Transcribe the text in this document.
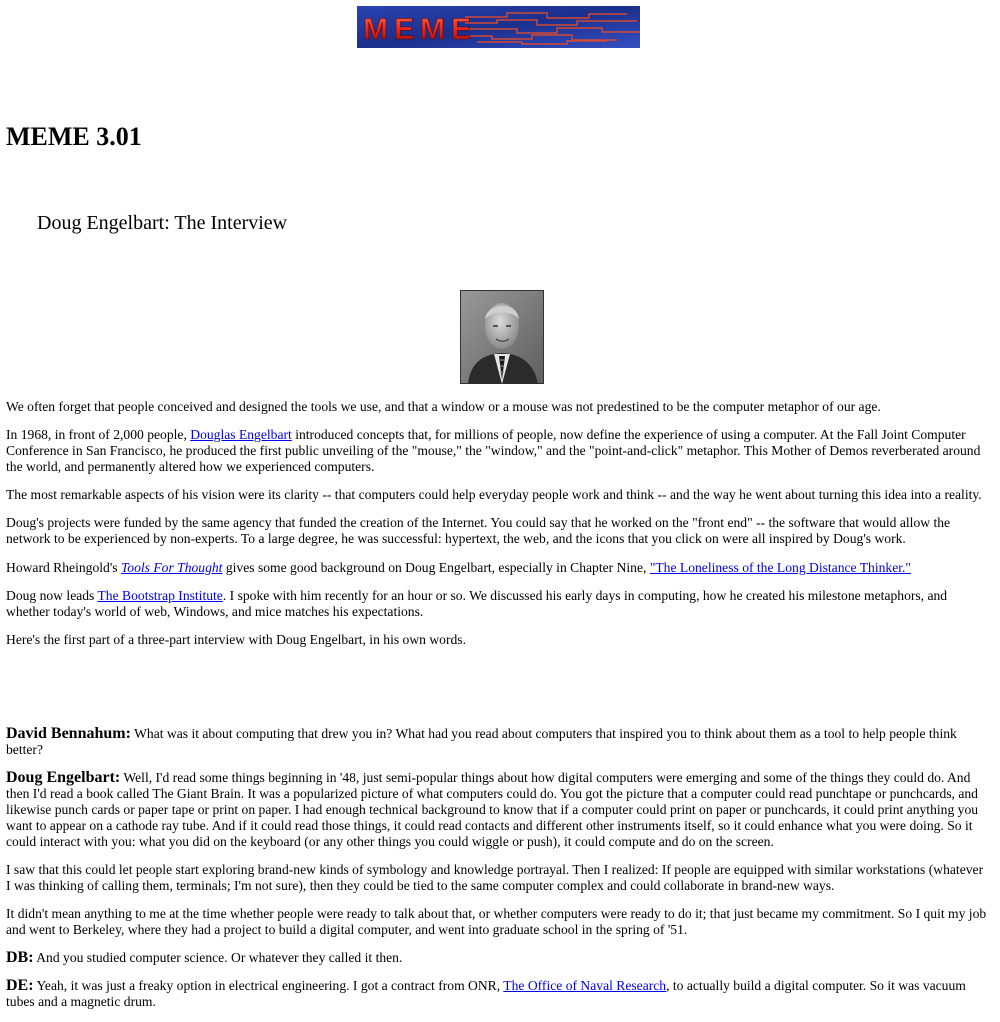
MEME
MEME 3.01
Doug Engelbart: The Interview

We often forget that people conceived and designed the tools we use, and that a window or a mouse was not predestined to be the computer metaphor of our age.

In 1968, in front of 2,000 people, Douglas Engelbart introduced concepts that, for millions of people, now define the experience of using a computer. At the Fall Joint Computer Conference in San Francisco, he produced the first public unveiling of the "mouse," the "window," and the "point-and-click" metaphor. This Mother of Demos reverberated around the world, and permanently altered how we experienced computers.

The most remarkable aspects of his vision were its clarity -- that computers could help everyday people work and think -- and the way he went about turning this idea into a reality.

Doug's projects were funded by the same agency that funded the creation of the Internet. You could say that he worked on the "front end" -- the software that would allow the network to be experienced by non-experts. To a large degree, he was successful: hypertext, the web, and the icons that you click on were all inspired by Doug's work.

Howard Rheingold's Tools For Thought gives some good background on Doug Engelbart, especially in Chapter Nine, "The Loneliness of the Long Distance Thinker."

Doug now leads The Bootstrap Institute. I spoke with him recently for an hour or so. We discussed his early days in computing, how he created his milestone metaphors, and whether today's world of web, Windows, and mice matches his expectations.

Here's the first part of a three-part interview with Doug Engelbart, in his own words.

David Bennahum: What was it about computing that drew you in? What had you read about computers that inspired you to think about them as a tool to help people think better?

Doug Engelbart: Well, I'd read some things beginning in '48, just semi-popular things about how digital computers were emerging and some of the things they could do. And then I'd read a book called The Giant Brain. It was a popularized picture of what computers could do. You got the picture that a computer could read punchtape or punchcards, and likewise punch cards or paper tape or print on paper. I had enough technical background to know that if a computer could print on paper or punchcards, it could print anything you want to appear on a cathode ray tube. And if it could read those things, it could read contacts and different other instruments itself, so it could enhance what you were doing. So it could interact with you: what you did on the keyboard (or any other things you could wiggle or push), it could compute and do on the screen.

I saw that this could let people start exploring brand-new kinds of symbology and knowledge portrayal. Then I realized: If people are equipped with similar workstations (whatever I was thinking of calling them, terminals; I'm not sure), then they could be tied to the same computer complex and could collaborate in brand-new ways.

It didn't mean anything to me at the time whether people were ready to talk about that, or whether computers were ready to do it; that just became my commitment. So I quit my job and went to Berkeley, where they had a project to build a digital computer, and went into graduate school in the spring of '51.

DB: And you studied computer science. Or whatever they called it then.

DE: Yeah, it was just a freaky option in electrical engineering. I got a contract from ONR, The Office of Naval Research, to actually build a digital computer. So it was vacuum tubes and a magnetic drum.
